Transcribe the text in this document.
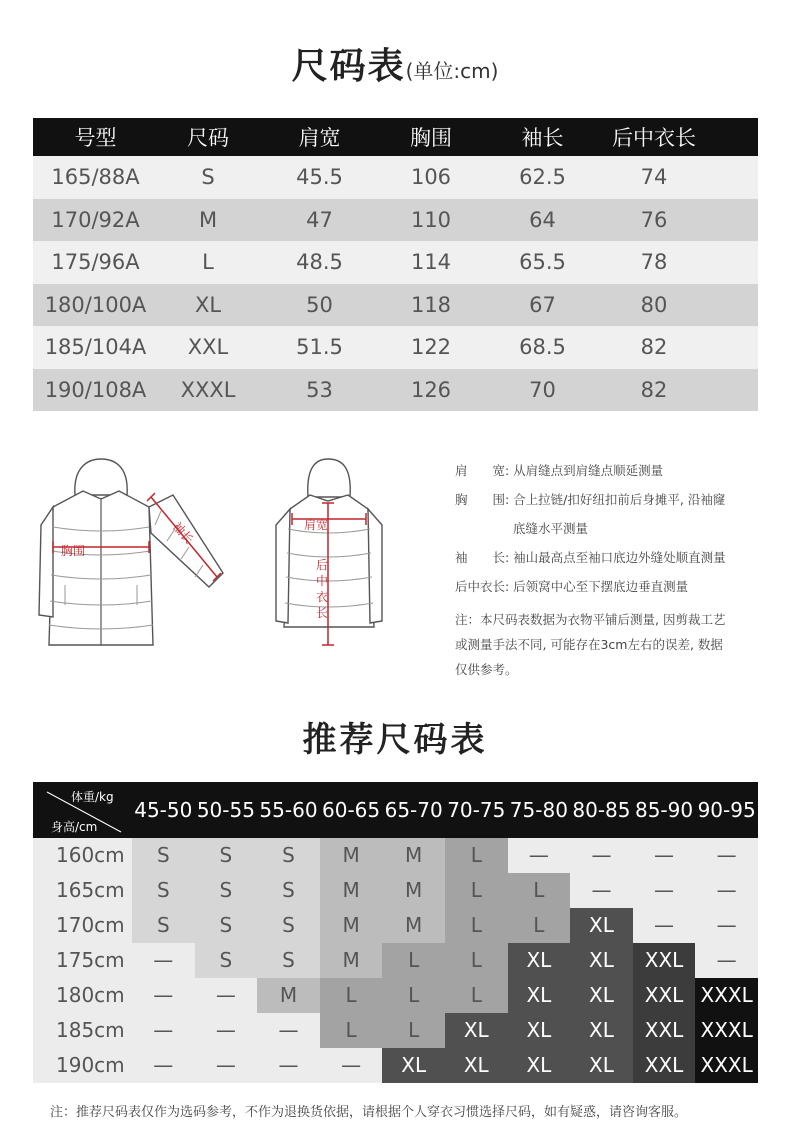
尺码表(单位:cm)
号型	尺码	肩宽	胸围	袖长	后中衣长
165/88A	S	45.5	106	62.5	74
170/92A	M	47	110	64	76
175/96A	L	48.5	114	65.5	78
180/100A	XL	50	118	67	80
185/104A	XXL	51.5	122	68.5	82
190/108A	XXXL	53	126	70	82
胸围
袖长	肩宽
后
中
衣
长
肩　　宽: 从肩缝点到肩缝点顺延测量
胸　　围: 合上拉链/扣好纽扣前后身摊平, 沿袖窿
底缝水平测量
袖　　长: 袖山最高点至袖口底边外缝处顺直测量
后中衣长: 后领窝中心至下摆底边垂直测量
注：本尺码表数据为衣物平铺后测量, 因剪裁工艺
或测量手法不同, 可能存在3cm左右的误差, 数据
仅供参考。
推荐尺码表
体重/kg
身高/cm
45-50 50-55 55-60 60-65 65-70 70-75 75-80 80-85 85-90 90-95
160cm	S	S	S	M	M	L	—	—	—	—
165cm	S	S	S	M	M	L	L	—	—	—
170cm	S	S	S	M	M	L	L	XL	—	—
175cm	—	S	S	M	L	L	XL	XL	XXL	—
180cm	—	—	M	L	L	L	XL	XL	XXL XXXL
185cm	—	—	—	L	L	XL	XL	XL	XXL XXXL
190cm	—	—	—	—	XL	XL	XL	XL	XXL XXXL
注：推荐尺码表仅作为选码参考，不作为退换货依据，请根据个人穿衣习惯选择尺码，如有疑惑，请咨询客服。
